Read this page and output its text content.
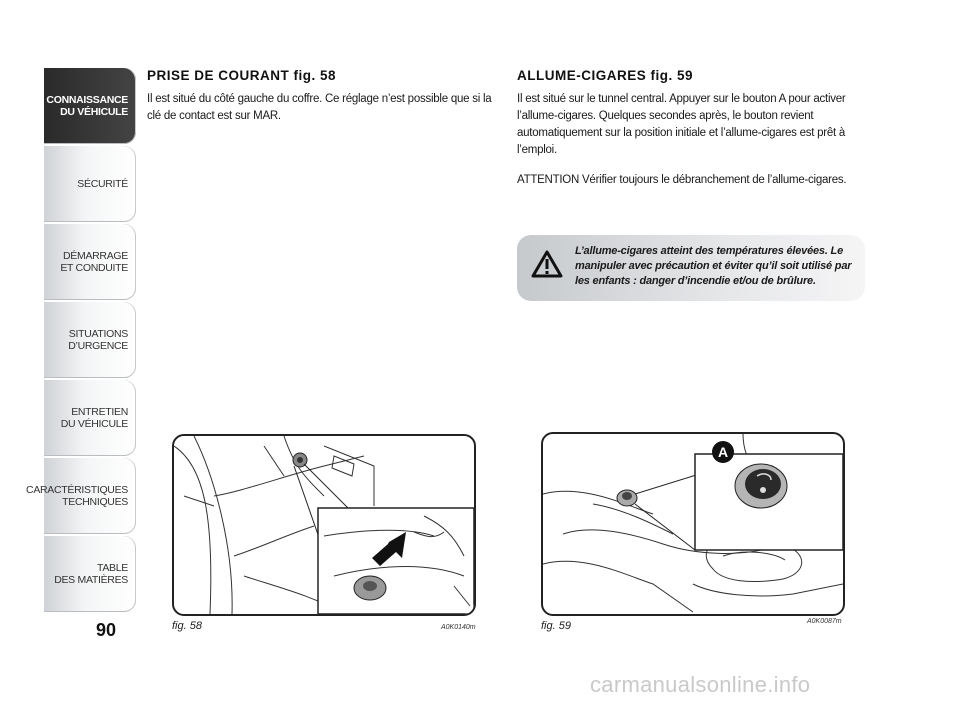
CONNAISSANCE
DU VÉHICULE
SÉCURITÉ
DÉMARRAGE
ET CONDUITE
SITUATIONS
D’URGENCE
ENTRETIEN
DU VÉHICULE
CARACTÉRISTIQUES
TECHNIQUES
TABLE
DES MATIÈRES
90
PRISE DE COURANT fig. 58

Il est situé du côté gauche du coffre. Ce réglage n’est possible que si la clé de contact est sur MAR.

ALLUME-CIGARES fig. 59

Il est situé sur le tunnel central. Appuyer sur le bouton A pour activer l’allume-cigares. Quelques secondes après, le bouton revient automatiquement sur la position initiale et l’allume-cigares est prêt à l’emploi.

ATTENTION Vérifier toujours le débranchement de l’allume-cigares.

L’allume-cigares atteint des températures élevées. Le manipuler avec précaution et éviter qu’il soit utilisé par les enfants : danger d’incendie et/ou de brûlure.
fig. 58	A0K0140m
A
fig. 59	A0K0087m
carmanualsonline.info
